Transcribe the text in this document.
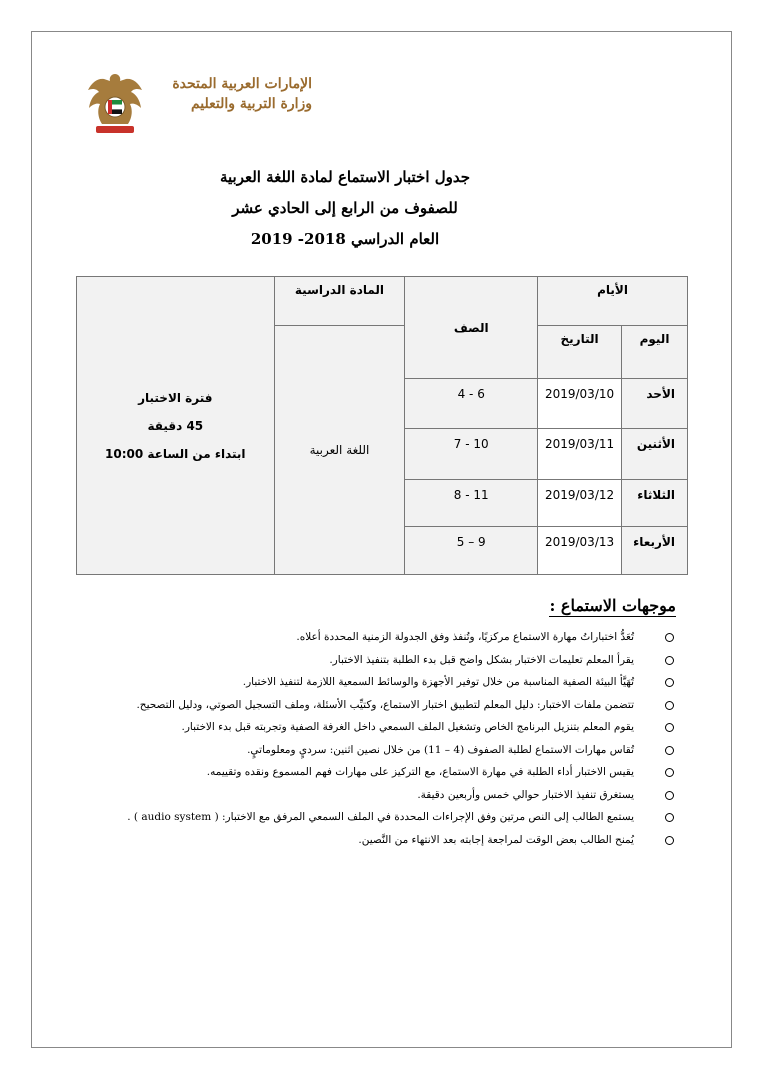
الإمارات العربية المتحدة
وزارة التربية والتعليم
جدول اختبار الاستماع لمادة اللغة العربية
للصفوف من الرابع إلى الحادي عشر
العام الدراسي 2018- 2019
الأيام		الصف	المادة الدراسية	فترة الاختبار
45 دقيقة
ابتداء من الساعة 10:00

اليوم	التاريخ		اللغة العربية	
الأحد	2019/03/10	6 - 4		
الأثنين	2019/03/11	10 - 7		
الثلاثاء	2019/03/12	11 - 8		
الأربعاء	2019/03/13	9 – 5		
موجهات الاستماع :
تُعَدُّ اختباراتُ مهارة الاستماع مركزيًا، وتُنفذ وفق الجدولة الزمنية المحددة أعلاه.
يقرأ المعلم تعليمات الاختبار بشكل واضح قبل بدء الطلبة بتنفيذ الاختبار.
تُهَيَّأ البيئة الصفية المناسبة من خلال توفير الأجهزة والوسائط السمعية اللازمة لتنفيذ الاختبار.
تتضمن ملفات الاختبار: دليل المعلم لتطبيق اختبار الاستماع، وكتيِّب الأسئلة، وملف التسجيل الصوتي، ودليل التصحيح.
يقوم المعلم بتنزيل البرنامج الخاص وتشغيل الملف السمعي داخل الغرفة الصفية وتجربته قبل بدء الاختبار.
تُقاس مهارات الاستماع لطلبة الصفوف (4 – 11) من خلال نصين اثنين: سرديٍ ومعلوماتيٍ.
يقيس الاختبار أداء الطلبة في مهارة الاستماع، مع التركيز على مهارات فهم المسموع ونقده وتقييمه.
يستغرق تنفيذ الاختبار حوالي خمس وأربعين دقيقة.
يستمع الطالب إلى النص مرتين وفق الإجراءات المحددة في الملف السمعي المرفق مع الاختبار: ( audio system ) .
يُمنح الطالب بعض الوقت لمراجعة إجابته بعد الانتهاء من النَّصين.
